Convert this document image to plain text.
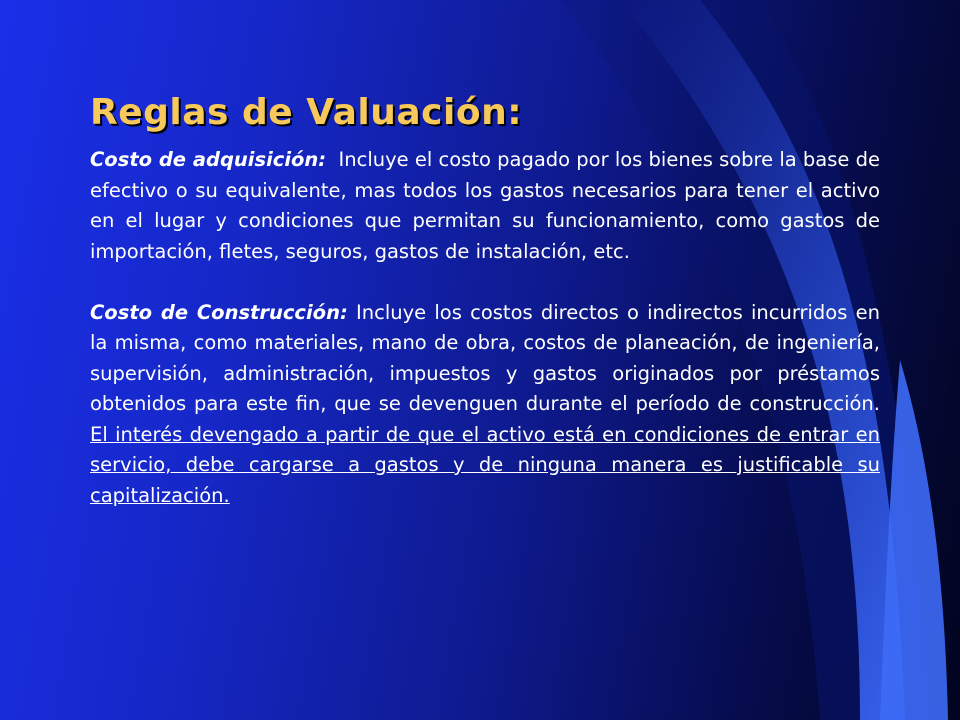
Reglas de Valuación:

Costo de adquisición:  Incluye el costo pagado por los bienes sobre la base de efectivo o su equivalente, mas todos los gastos necesarios para tener el activo en el lugar y condiciones que permitan su funcionamiento, como gastos de importación, fletes, seguros, gastos de instalación, etc.

Costo de Construcción: Incluye los costos directos o indirectos incurridos en la misma, como materiales, mano de obra, costos de planeación, de ingeniería, supervisión, administración, impuestos y gastos originados por préstamos obtenidos para este fin, que se devenguen durante el período de construcción. El interés devengado a partir de que el activo está en condiciones de entrar en servicio, debe cargarse a gastos y de ninguna manera es justificable su capitalización.
